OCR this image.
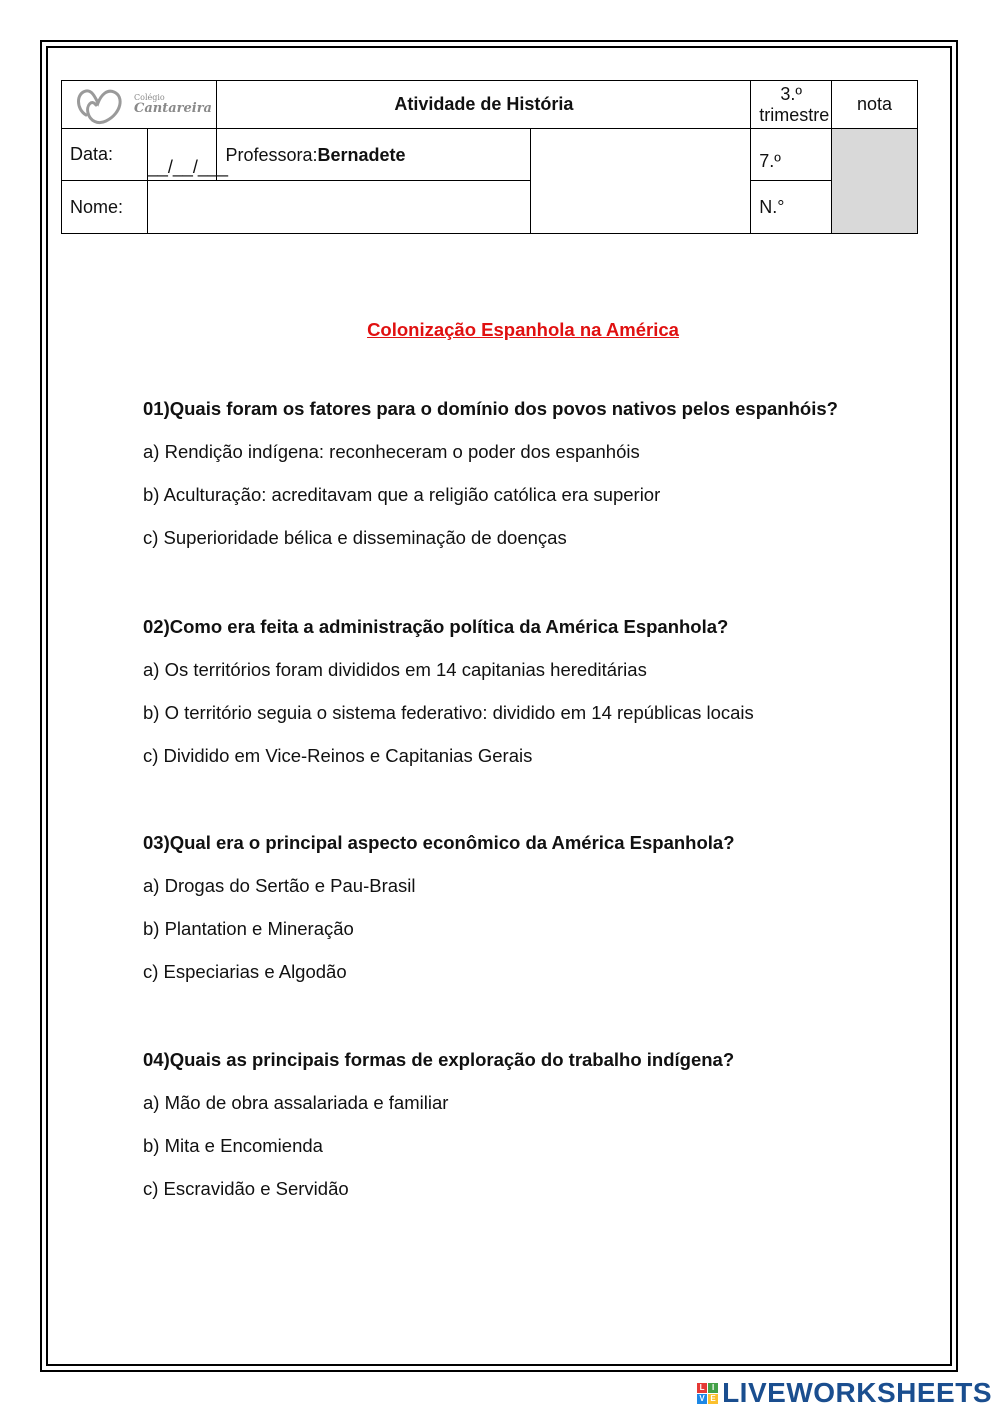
Colégio
Cantareira		Atividade de História		3.º trimestre	nota
Data:	__/__/___	Professora:Bernadete		7.º	
Nome:				N.°	
Colonização Espanhola na América

01)Quais foram os fatores para o domínio dos povos nativos pelos espanhóis?

a) Rendição indígena: reconheceram o poder dos espanhóis

b) Aculturação: acreditavam que a religião católica era superior

c) Superioridade bélica e disseminação de doenças

02)Como era feita a administração política da América Espanhola?

a) Os territórios foram divididos em 14 capitanias hereditárias

b) O território seguia o sistema federativo: dividido em 14 repúblicas locais

c) Dividido em Vice-Reinos e Capitanias Gerais

03)Qual era o principal aspecto econômico da América Espanhola?

a) Drogas do Sertão e Pau-Brasil

b) Plantation e Mineração

c) Especiarias e Algodão

04)Quais as principais formas de exploração do trabalho indígena?

a) Mão de obra assalariada e familiar

b) Mita e Encomienda

c) Escravidão e Servidão

L I
V E LIVEWORKSHEETS
